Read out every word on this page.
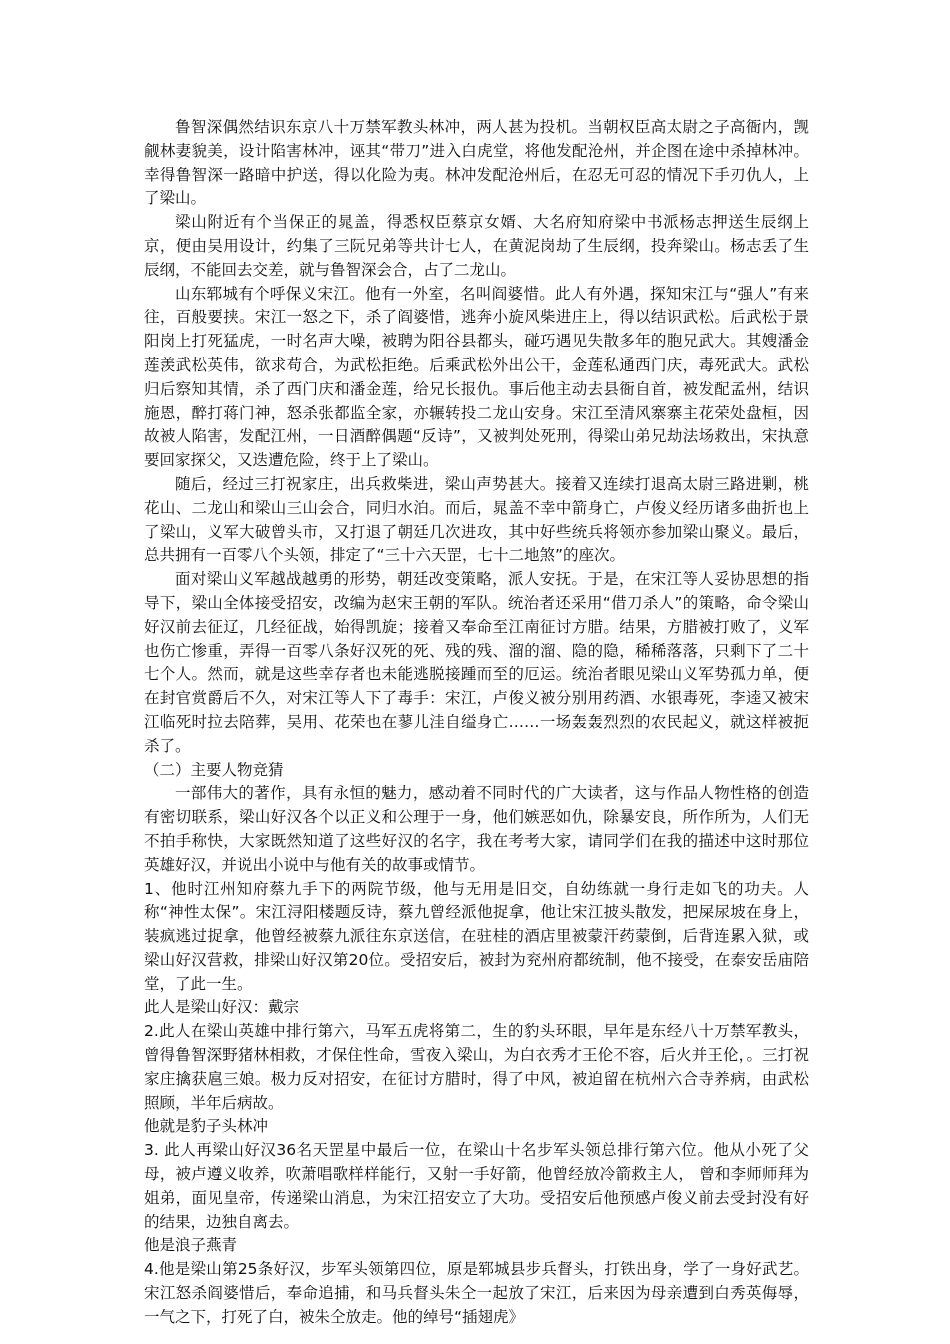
鲁智深偶然结识东京八十万禁军教头林冲，两人甚为投机。当朝权臣高太尉之子高衙内，觊觎林妻貌美，设计陷害林冲，诬其“带刀”进入白虎堂，将他发配沧州，并企图在途中杀掉林冲。幸得鲁智深一路暗中护送，得以化险为夷。林冲发配沧州后，在忍无可忍的情况下手刃仇人，上了梁山。

梁山附近有个当保正的晁盖，得悉权臣蔡京女婿、大名府知府梁中书派杨志押送生辰纲上京，便由吴用设计，约集了三阮兄弟等共计七人，在黄泥岗劫了生辰纲，投奔梁山。杨志丢了生辰纲，不能回去交差，就与鲁智深会合，占了二龙山。

山东郓城有个呼保义宋江。他有一外室，名叫阎婆惜。此人有外遇，探知宋江与“强人”有来往，百般要挟。宋江一怒之下，杀了阎婆惜，逃奔小旋风柴进庄上，得以结识武松。后武松于景阳岗上打死猛虎，一时名声大噪，被聘为阳谷县都头，碰巧遇见失散多年的胞兄武大。其嫂潘金莲羡武松英伟，欲求苟合，为武松拒绝。后乘武松外出公干，金莲私通西门庆，毒死武大。武松归后察知其情，杀了西门庆和潘金莲，给兄长报仇。事后他主动去县衙自首，被发配孟州，结识施恩，醉打蒋门神，怒杀张都监全家，亦辗转投二龙山安身。宋江至清风寨寨主花荣处盘桓，因故被人陷害，发配江州，一日酒醉偶题“反诗”，又被判处死刑，得梁山弟兄劫法场救出，宋执意要回家探父，又迭遭危险，终于上了梁山。

随后，经过三打祝家庄，出兵救柴进，梁山声势甚大。接着又连续打退高太尉三路进剿，桃花山、二龙山和梁山三山会合，同归水泊。而后，晁盖不幸中箭身亡，卢俊义经历诸多曲折也上了梁山，义军大破曾头市，又打退了朝廷几次进攻，其中好些统兵将领亦参加梁山聚义。最后，总共拥有一百零八个头领，排定了“三十六天罡，七十二地煞”的座次。

面对梁山义军越战越勇的形势，朝廷改变策略，派人安抚。于是，在宋江等人妥协思想的指导下，梁山全体接受招安，改编为赵宋王朝的军队。统治者还采用“借刀杀人”的策略，命令梁山好汉前去征辽，几经征战，始得凯旋；接着又奉命至江南征讨方腊。结果，方腊被打败了，义军也伤亡惨重，弄得一百零八条好汉死的死、残的残、溜的溜、隐的隐，稀稀落落，只剩下了二十七个人。然而，就是这些幸存者也未能逃脱接踵而至的厄运。统治者眼见梁山义军势孤力单，便在封官赏爵后不久，对宋江等人下了毒手：宋江，卢俊义被分别用药酒、水银毒死，李逵又被宋江临死时拉去陪葬，吴用、花荣也在蓼儿洼自缢身亡……一场轰轰烈烈的农民起义，就这样被扼杀了。

（二）主要人物竞猜

一部伟大的著作，具有永恒的魅力，感动着不同时代的广大读者，这与作品人物性格的创造有密切联系，梁山好汉各个以正义和公理于一身，他们嫉恶如仇，除暴安良，所作所为，人们无不拍手称快，大家既然知道了这些好汉的名字，我在考考大家，请同学们在我的描述中这时那位英雄好汉，并说出小说中与他有关的故事或情节。

1、他时江州知府蔡九手下的两院节级，他与无用是旧交，自幼练就一身行走如飞的功夫。人称“神性太保”。宋江浔阳楼题反诗，蔡九曾经派他捉拿，他让宋江披头散发，把屎尿坡在身上，装疯逃过捉拿，他曾经被蔡九派往东京送信，在驻桂的酒店里被蒙汗药蒙倒，后背连累入狱，或梁山好汉营救，排梁山好汉第20位。受招安后，被封为兖州府都统制，他不接受，在泰安岳庙陪堂，了此一生。

此人是梁山好汉：戴宗

2.此人在梁山英雄中排行第六，马军五虎将第二，生的豹头环眼，早年是东经八十万禁军教头，曾得鲁智深野猪林相救，才保住性命，雪夜入梁山，为白衣秀才王伦不容，后火并王伦，。三打祝家庄擒获扈三娘。极力反对招安，在征讨方腊时，得了中风，被迫留在杭州六合寺养病，由武松照顾，半年后病故。

他就是豹子头林冲

3. 此人再梁山好汉36名天罡星中最后一位，在梁山十名步军头领总排行第六位。他从小死了父母，被卢遵义收养，吹萧唱歌样样能行，又射一手好箭，他曾经放冷箭救主人， 曾和李师师拜为姐弟，面见皇帝，传递梁山消息，为宋江招安立了大功。受招安后他预感卢俊义前去受封没有好的结果，边独自离去。

他是浪子燕青

4.他是梁山第25条好汉，步军头领第四位，原是郓城县步兵督头，打铁出身，学了一身好武艺。宋江怒杀阎婆惜后，奉命追捕，和马兵督头朱仝一起放了宋江，后来因为母亲遭到白秀英侮辱，一气之下，打死了白，被朱仝放走。他的绰号“插翅虎》
